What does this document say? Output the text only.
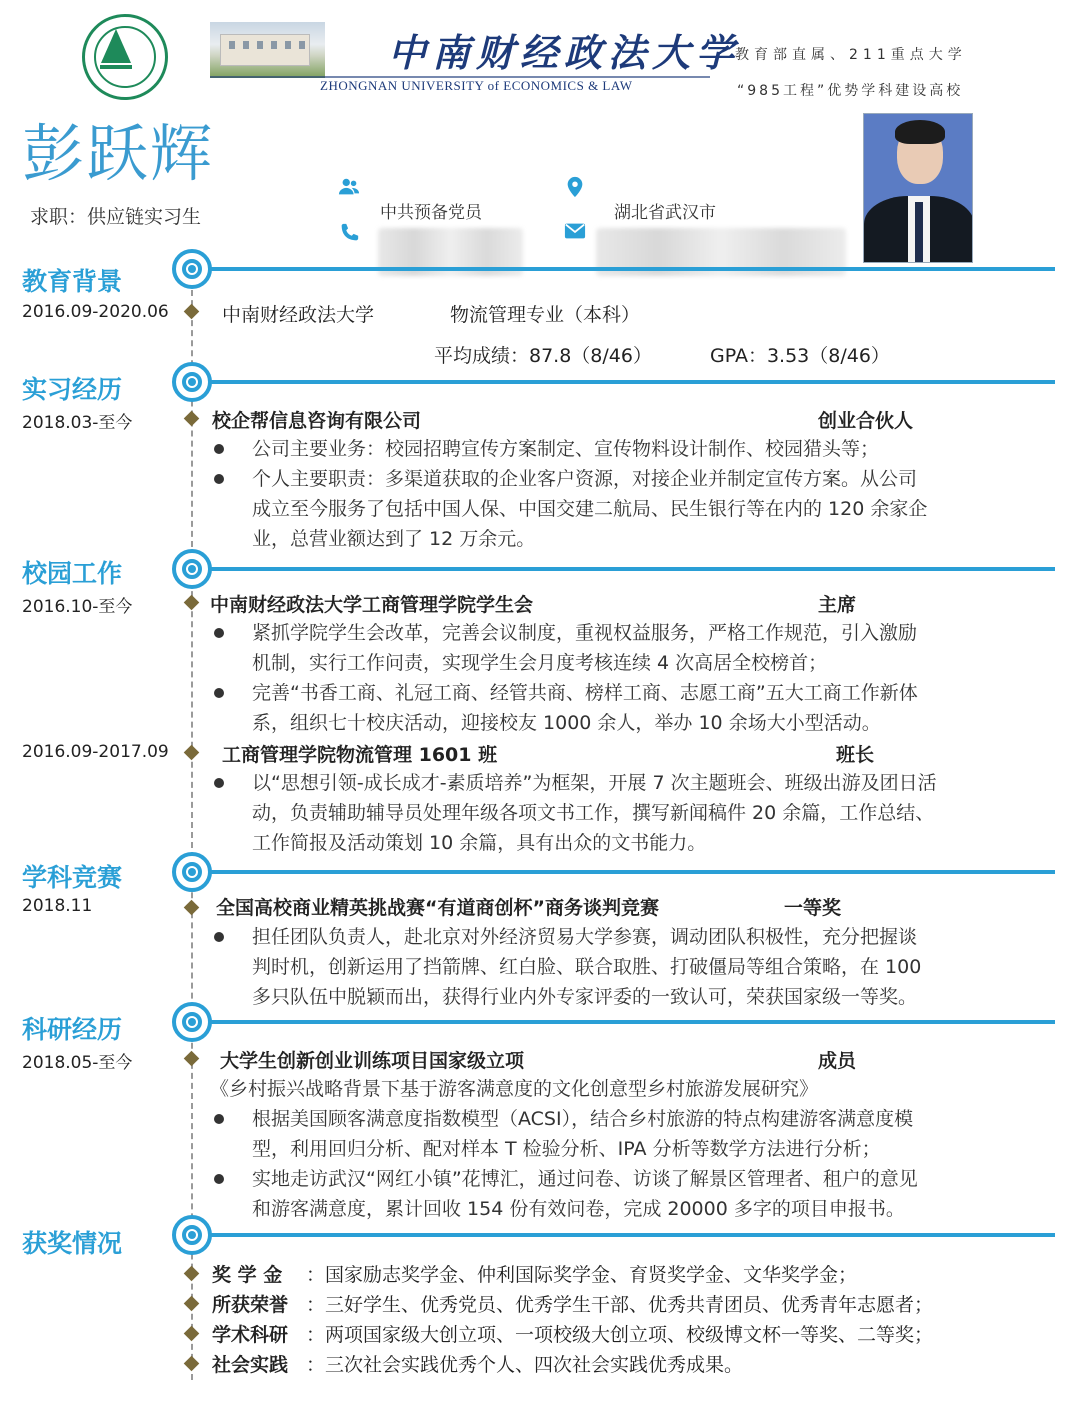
中南财经政法大学
ZHONGNAN UNIVERSITY of ECONOMICS & LAW
教育部直属、211重点大学
“985工程”优势学科建设高校
彭跃辉
求职：供应链实习生	中共预备党员	湖北省武汉市
教育背景
2016.09-2020.06	中南财经政法大学	物流管理专业（本科）
平均成绩：87.8（8/46）	GPA：3.53（8/46）
实习经历
2018.03-至今	校企帮信息咨询有限公司	创业合伙人
公司主要业务：校园招聘宣传方案制定、宣传物料设计制作、校园猎头等；
个人主要职责：多渠道获取的企业客户资源，对接企业并制定宣传方案。从公司
成立至今服务了包括中国人保、中国交建二航局、民生银行等在内的 120 余家企
业，总营业额达到了 12 万余元。
校园工作
2016.10-至今	中南财经政法大学工商管理学院学生会	主席
紧抓学院学生会改革，完善会议制度，重视权益服务，严格工作规范，引入激励
机制，实行工作问责，实现学生会月度考核连续 4 次高居全校榜首；
完善“书香工商、礼冠工商、经管共商、榜样工商、志愿工商”五大工商工作新体
系，组织七十校庆活动，迎接校友 1000 余人，举办 10 余场大小型活动。
2016.09-2017.09	工商管理学院物流管理 1601 班	班长
以“思想引领-成长成才-素质培养”为框架，开展 7 次主题班会、班级出游及团日活
动，负责辅助辅导员处理年级各项文书工作，撰写新闻稿件 20 余篇，工作总结、
工作简报及活动策划 10 余篇，具有出众的文书能力。
学科竞赛
2018.11	全国高校商业精英挑战赛“有道商创杯”商务谈判竞赛	一等奖
担任团队负责人，赴北京对外经济贸易大学参赛，调动团队积极性，充分把握谈
判时机，创新运用了挡箭牌、红白脸、联合取胜、打破僵局等组合策略，在 100
多只队伍中脱颖而出，获得行业内外专家评委的一致认可，荣获国家级一等奖。
科研经历
2018.05-至今	大学生创新创业训练项目国家级立项	成员
《乡村振兴战略背景下基于游客满意度的文化创意型乡村旅游发展研究》
根据美国顾客满意度指数模型（ACSI），结合乡村旅游的特点构建游客满意度模
型，利用回归分析、配对样本 T 检验分析、IPA 分析等数学方法进行分析；
实地走访武汉“网红小镇”花博汇，通过问卷、访谈了解景区管理者、租户的意见
和游客满意度，累计回收 154 份有效问卷，完成 20000 多字的项目申报书。
获奖情况
奖 学 金 ：国家励志奖学金、仲利国际奖学金、育贤奖学金、文华奖学金；
所获荣誉 ：三好学生、优秀党员、优秀学生干部、优秀共青团员、优秀青年志愿者；
学术科研 ：两项国家级大创立项、一项校级大创立项、校级博文杯一等奖、二等奖；
社会实践 ：三次社会实践优秀个人、四次社会实践优秀成果。
